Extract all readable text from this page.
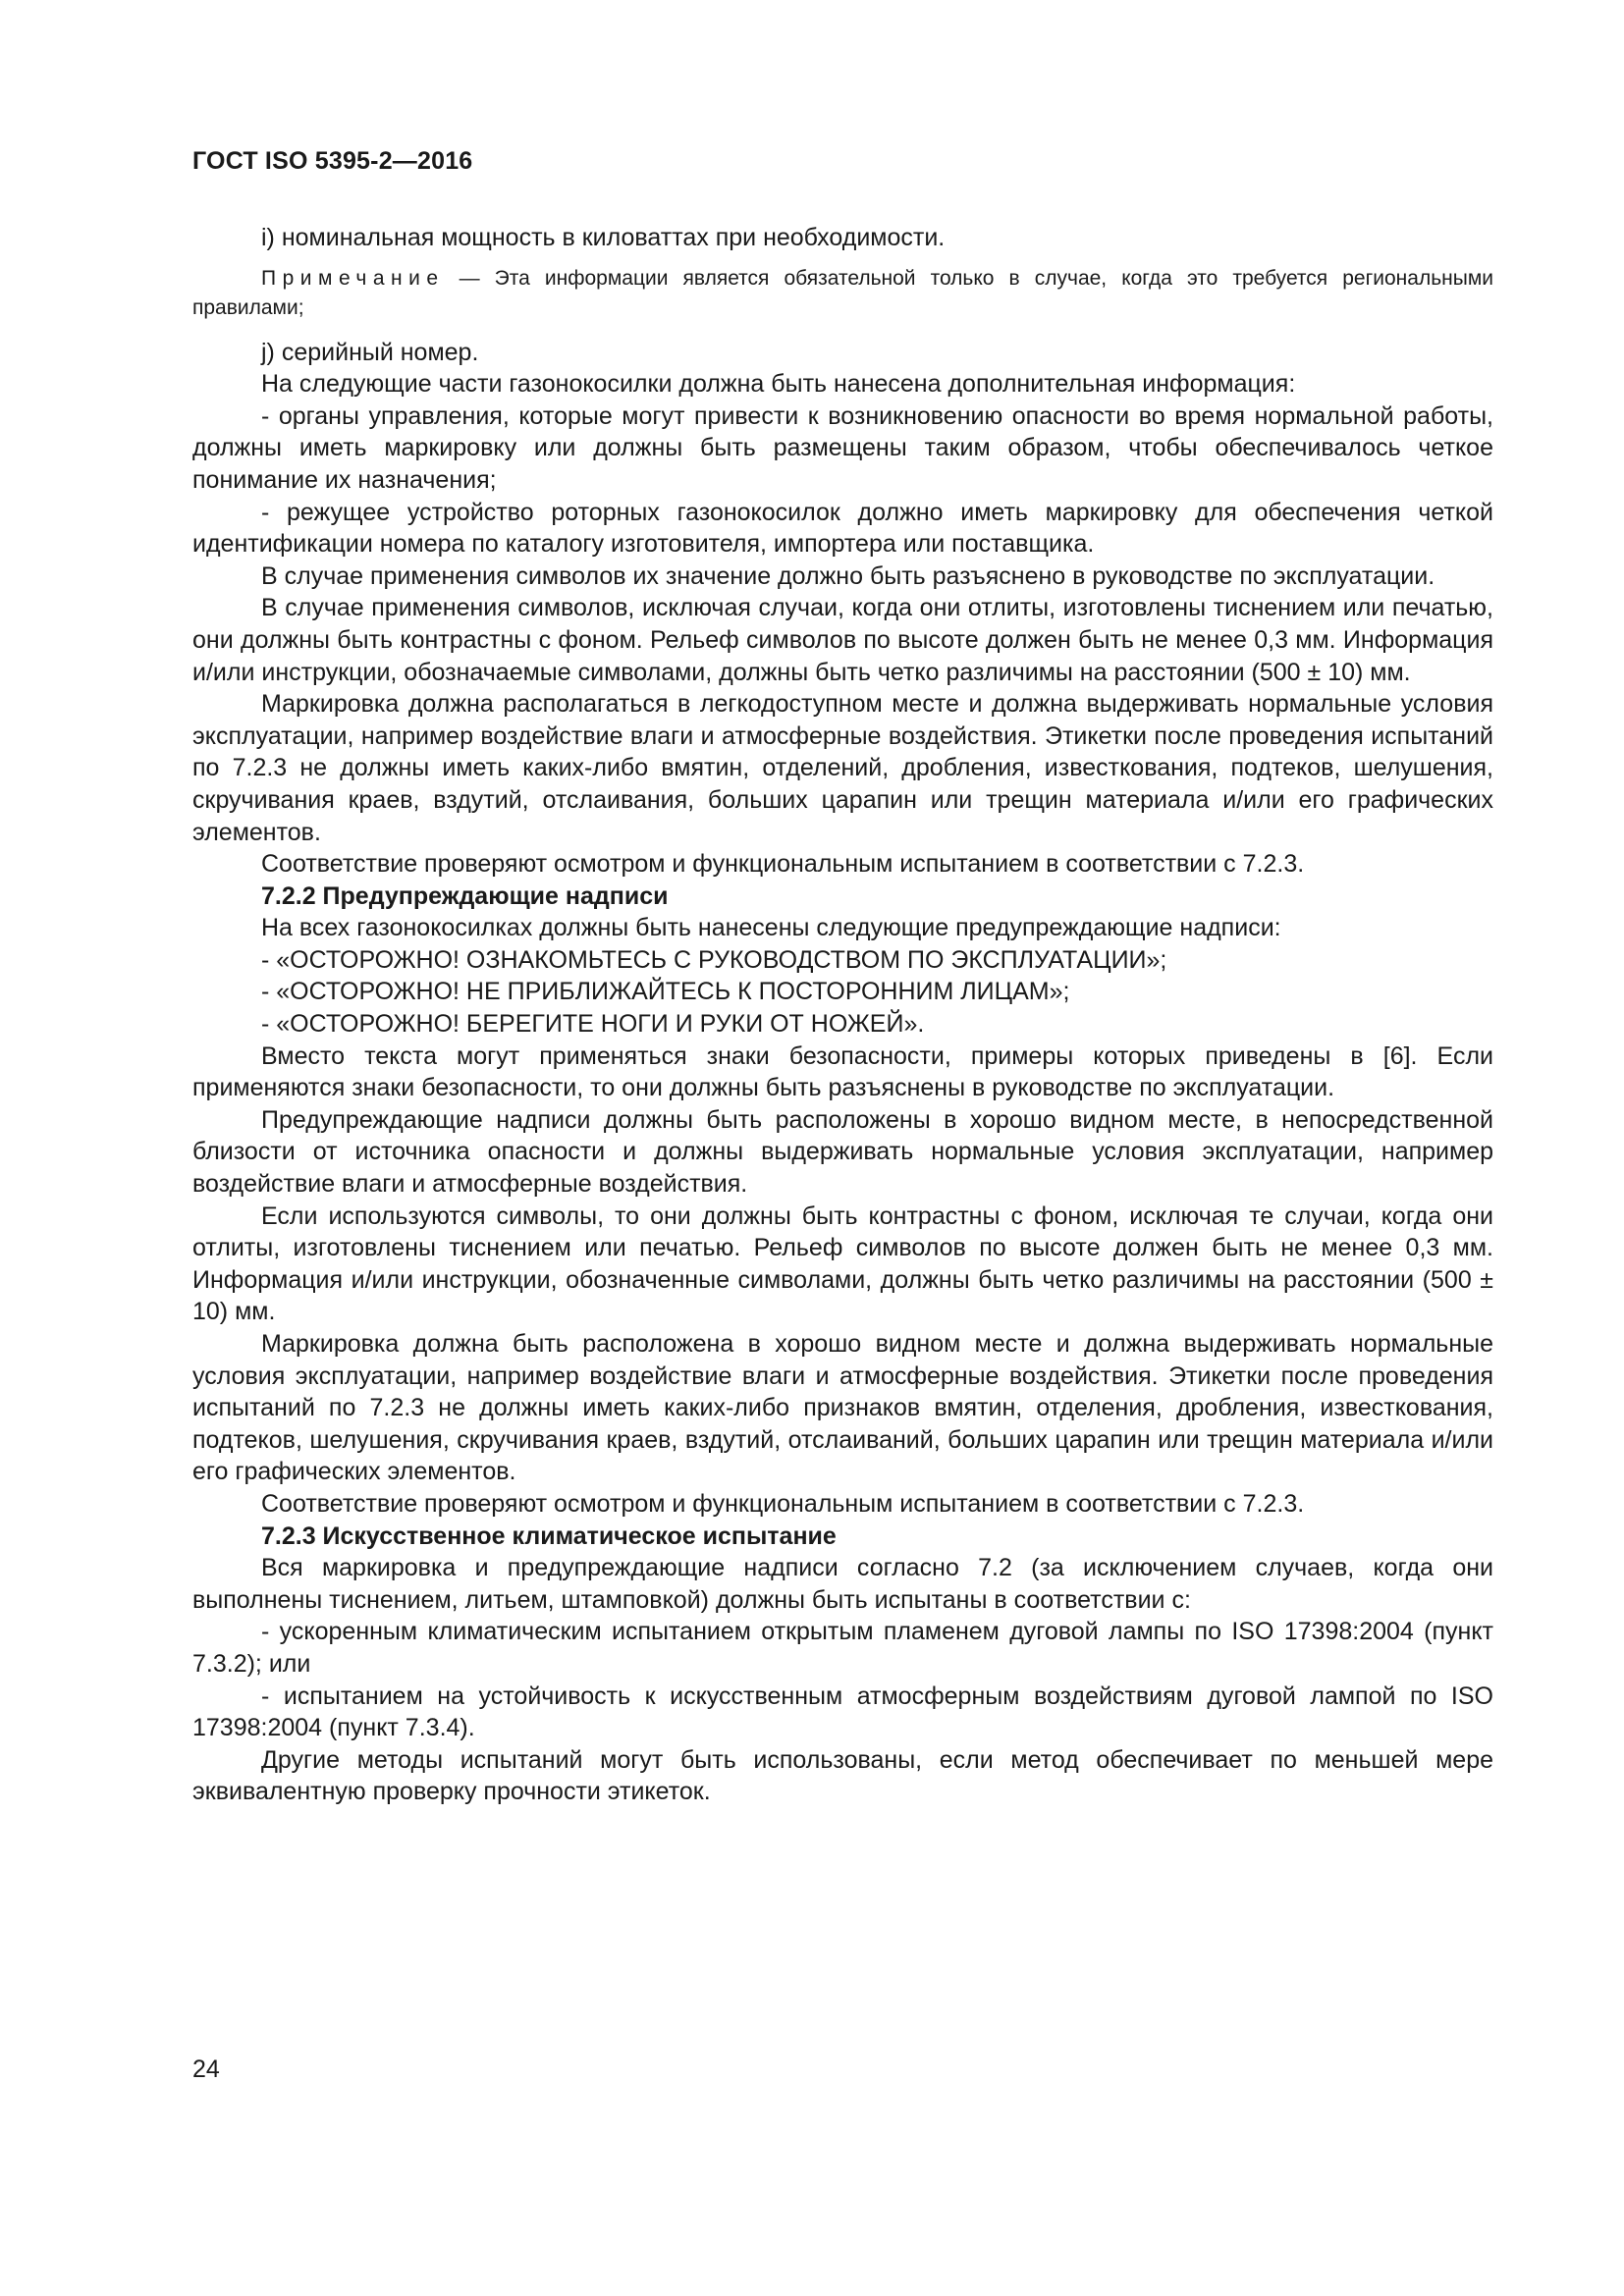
ГОСТ ISO 5395-2—2016

i) номинальная мощность в киловаттах при необходимости.

Примечание — Эта информации является обязательной только в случае, когда это требуется региональными правилами;

j) серийный номер.

На следующие части газонокосилки должна быть нанесена дополнительная информация:

- органы управления, которые могут привести к возникновению опасности во время нормальной работы, должны иметь маркировку или должны быть размещены таким образом, чтобы обеспечивалось четкое понимание их назначения;

- режущее устройство роторных газонокосилок должно иметь маркировку для обеспечения четкой идентификации номера по каталогу изготовителя, импортера или поставщика.

В случае применения символов их значение должно быть разъяснено в руководстве по эксплуатации.

В случае применения символов, исключая случаи, когда они отлиты, изготовлены тиснением или печатью, они должны быть контрастны с фоном. Рельеф символов по высоте должен быть не менее 0,3 мм. Информация и/или инструкции, обозначаемые символами, должны быть четко различимы на расстоянии (500 ± 10) мм.

Маркировка должна располагаться в легкодоступном месте и должна выдерживать нормальные условия эксплуатации, например воздействие влаги и атмосферные воздействия. Этикетки после проведения испытаний по 7.2.3 не должны иметь каких-либо вмятин, отделений, дробления, известкования, подтеков, шелушения, скручивания краев, вздутий, отслаивания, больших царапин или трещин материала и/или его графических элементов.

Соответствие проверяют осмотром и функциональным испытанием в соответствии с 7.2.3.

7.2.2 Предупреждающие надписи

На всех газонокосилках должны быть нанесены следующие предупреждающие надписи:

- «ОСТОРОЖНО! ОЗНАКОМЬТЕСЬ С РУКОВОДСТВОМ ПО ЭКСПЛУАТАЦИИ»;

- «ОСТОРОЖНО! НЕ ПРИБЛИЖАЙТЕСЬ К ПОСТОРОННИМ ЛИЦАМ»;

- «ОСТОРОЖНО! БЕРЕГИТЕ НОГИ И РУКИ ОТ НОЖЕЙ».

Вместо текста могут применяться знаки безопасности, примеры которых приведены в [6]. Если применяются знаки безопасности, то они должны быть разъяснены в руководстве по эксплуатации.

Предупреждающие надписи должны быть расположены в хорошо видном месте, в непосредственной близости от источника опасности и должны выдерживать нормальные условия эксплуатации, например воздействие влаги и атмосферные воздействия.

Если используются символы, то они должны быть контрастны с фоном, исключая те случаи, когда они отлиты, изготовлены тиснением или печатью. Рельеф символов по высоте должен быть не менее 0,3 мм. Информация и/или инструкции, обозначенные символами, должны быть четко различимы на расстоянии (500 ± 10) мм.

Маркировка должна быть расположена в хорошо видном месте и должна выдерживать нормальные условия эксплуатации, например воздействие влаги и атмосферные воздействия. Этикетки после проведения испытаний по 7.2.3 не должны иметь каких-либо признаков вмятин, отделения, дробления, известкования, подтеков, шелушения, скручивания краев, вздутий, отслаиваний, больших царапин или трещин материала и/или его графических элементов.

Соответствие проверяют осмотром и функциональным испытанием в соответствии с 7.2.3.

7.2.3 Искусственное климатическое испытание

Вся маркировка и предупреждающие надписи согласно 7.2 (за исключением случаев, когда они выполнены тиснением, литьем, штамповкой) должны быть испытаны в соответствии с:

- ускоренным климатическим испытанием открытым пламенем дуговой лампы по ISO 17398:2004 (пункт 7.3.2); или

- испытанием на устойчивость к искусственным атмосферным воздействиям дуговой лампой по ISO 17398:2004 (пункт 7.3.4).

Другие методы испытаний могут быть использованы, если метод обеспечивает по меньшей мере эквивалентную проверку прочности этикеток.

24
